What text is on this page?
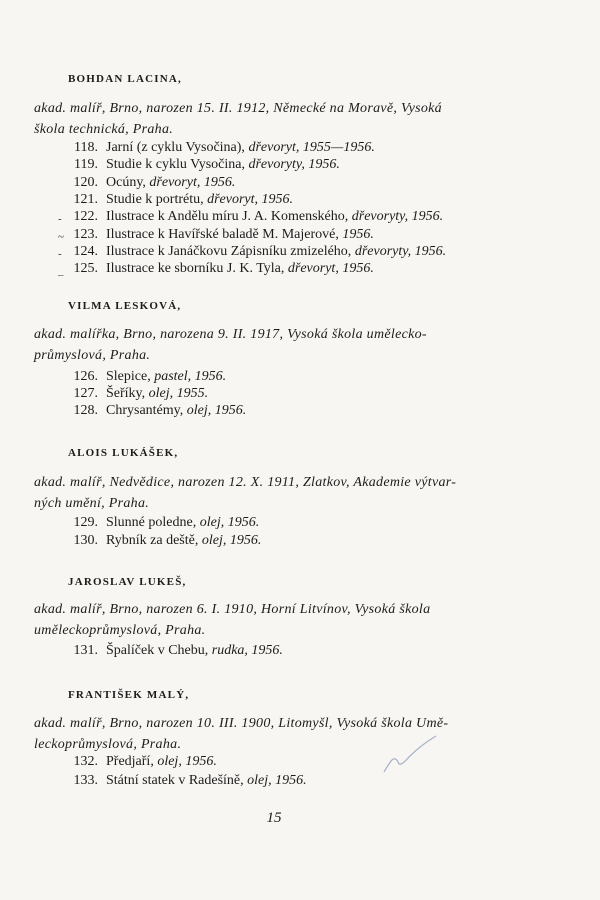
BOHDAN LACINA,
akad. malíř, Brno, narozen 15. II. 1912, Německé na Moravě, Vysoká
škola technická, Praha.
118. Jarní (z cyklu Vysočina), dřevoryt, 1955—1956.
119. Studie k cyklu Vysočina, dřevoryty, 1956.
120. Ocúny, dřevoryt, 1956.
121. Studie k portrétu, dřevoryt, 1956.
- 122. Ilustrace k Andělu míru J. A. Komenského, dřevoryty, 1956.
~ 123. Ilustrace k Havířské baladě M. Majerové, 1956.
- 124. Ilustrace k Janáčkovu Zápisníku zmizelého, dřevoryty, 1956.
_ 125. Ilustrace ke sborníku J. K. Tyla, dřevoryt, 1956.
VILMA LESKOVÁ,
akad. malířka, Brno, narozena 9. II. 1917, Vysoká škola umělecko-
průmyslová, Praha.
126. Slepice, pastel, 1956.
127. Šeříky, olej, 1955.
128. Chrysantémy, olej, 1956.
ALOIS LUKÁŠEK,
akad. malíř, Nedvědice, narozen 12. X. 1911, Zlatkov, Akademie výtvar-
ných umění, Praha.
129. Slunné poledne, olej, 1956.
130. Rybník za deště, olej, 1956.
JAROSLAV LUKEŠ,
akad. malíř, Brno, narozen 6. I. 1910, Horní Litvínov, Vysoká škola
uměleckoprůmyslová, Praha.
131. Špalíček v Chebu, rudka, 1956.
FRANTIŠEK MALÝ,
akad. malíř, Brno, narozen 10. III. 1900, Litomyšl, Vysoká škola Umě-
leckoprůmyslová, Praha.
132. Předjaří, olej, 1956.
133. Státní statek v Radešíně, olej, 1956.
15
